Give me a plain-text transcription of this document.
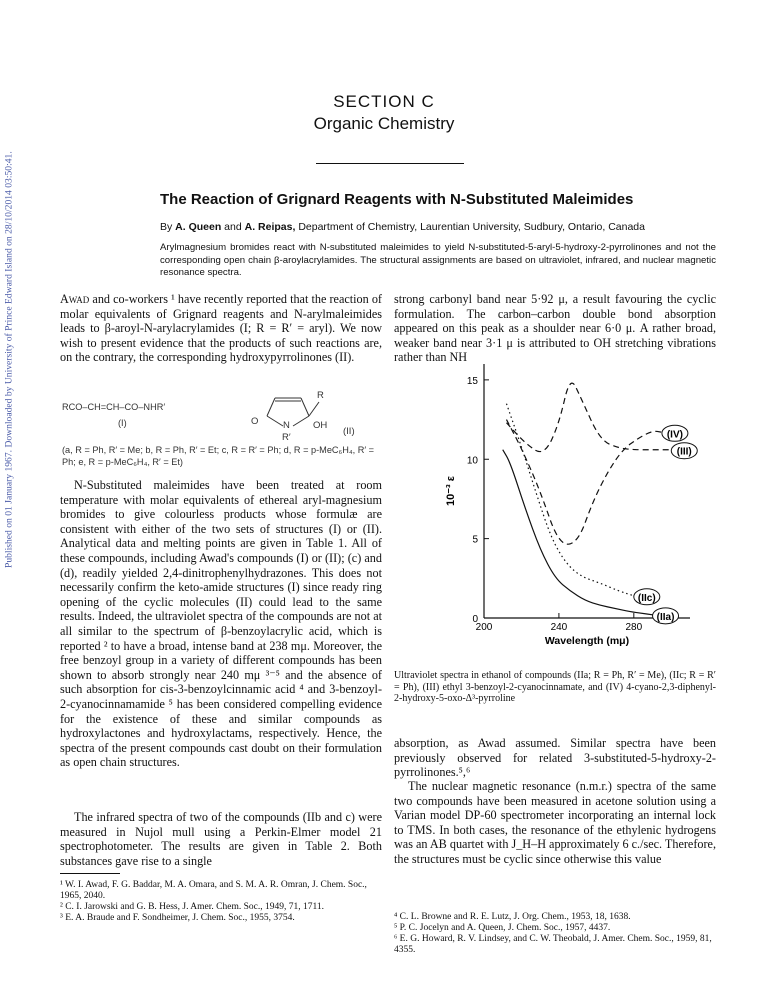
Published on 01 January 1967. Downloaded by University of Prince Edward Island on 28/10/2014 03:50:41.
SECTION C
Organic Chemistry
The Reaction of Grignard Reagents with N-Substituted Maleimides
By A. Queen and A. Reipas, Department of Chemistry, Laurentian University, Sudbury, Ontario, Canada
Arylmagnesium bromides react with N-substituted maleimides to yield N-substituted-5-aryl-5-hydroxy-2-pyrrolinones and not the corresponding open chain β-aroylacrylamides. The structural assignments are based on ultraviolet, infrared, and nuclear magnetic resonance spectra.

Awad and co-workers ¹ have recently reported that the reaction of molar equivalents of Grignard reagents and N-arylmaleimides leads to β-aroyl-N-arylacrylamides (I; R = R′ = aryl). We now wish to present evidence that the products of such reactions are, on the contrary, the corresponding hydroxypyrrolinones (II).

RCO–CH=CH–CO–NHR′
(I)	O	N OH
R
R′
(II)
(a, R = Ph, R′ = Me; b, R = Ph, R′ = Et; c, R = R′ = Ph; d, R = p-MeC₆H₄, R′ = Ph; e, R = p-MeC₆H₄, R′ = Et)
N-Substituted maleimides have been treated at room temperature with molar equivalents of ethereal aryl-magnesium bromides to give colourless products whose formulæ are consistent with either of the two sets of structures (I) or (II). Analytical data and melting points are given in Table 1. All of these compounds, including Awad's compounds (I) or (II); (c) and (d), readily yielded 2,4-dinitrophenylhydrazones. This does not necessarily confirm the keto-amide structures (I) since ready ring opening of the cyclic molecules (II) could lead to the same results. Indeed, the ultraviolet spectra of the compounds are not at all similar to the spectrum of β-benzoylacrylic acid, which is reported ² to have a broad, intense band at 238 mμ. Moreover, the free benzoyl group in a variety of different compounds has been shown to absorb strongly near 240 mμ ³⁻⁵ and the absence of such absorption for cis-3-benzoylcinnamic acid ⁴ and 3-benzoyl-2-cyanocinnamamide ⁵ has been considered compelling evidence for the existence of these and similar compounds as hydroxylactones and hydroxylactams, respectively. Hence, the spectra of the present compounds cast doubt on their formulation as open chain structures.
The infrared spectra of two of the compounds (IIb and c) were measured in Nujol mull using a Perkin-Elmer model 21 spectrophotometer. The results are given in Table 2. Both substances gave rise to a single

¹ W. I. Awad, F. G. Baddar, M. A. Omara, and S. M. A. R. Omran, J. Chem. Soc., 1965, 2040.

² C. I. Jarowski and G. B. Hess, J. Amer. Chem. Soc., 1949, 71, 1711.

³ E. A. Braude and F. Sondheimer, J. Chem. Soc., 1955, 3754.

strong carbonyl band near 5·92 μ, a result favouring the cyclic formulation. The carbon–carbon double bond absorption appeared on this peak as a shoulder near 6·0 μ. A rather broad, weaker band near 3·1 μ is attributed to OH stretching vibrations rather than NH
0
5
10
15
200	240	280
Wavelength (mμ)
10⁻³ ε
(III)
(IV)
(IIc)
(IIa)
Ultraviolet spectra in ethanol of compounds (IIa; R = Ph, R′ = Me), (IIc; R = R′ = Ph), (III) ethyl 3-benzoyl-2-cyanocinnamate, and (IV) 4-cyano-2,3-diphenyl-2-hydroxy-5-oxo-Δ³-pyrroline
absorption, as Awad assumed. Similar spectra have been previously observed for related 3-substituted-5-hydroxy-2-pyrrolinones.⁵,⁶
The nuclear magnetic resonance (n.m.r.) spectra of the same two compounds have been measured in acetone solution using a Varian model DP-60 spectrometer incorporating an internal lock to TMS. In both cases, the resonance of the ethylenic hydrogens was an AB quartet with J_H–H approximately 6 c./sec. Therefore, the structures must be cyclic since otherwise this value

⁴ C. L. Browne and R. E. Lutz, J. Org. Chem., 1953, 18, 1638.

⁵ P. C. Jocelyn and A. Queen, J. Chem. Soc., 1957, 4437.

⁶ E. G. Howard, R. V. Lindsey, and C. W. Theobald, J. Amer. Chem. Soc., 1959, 81, 4355.
